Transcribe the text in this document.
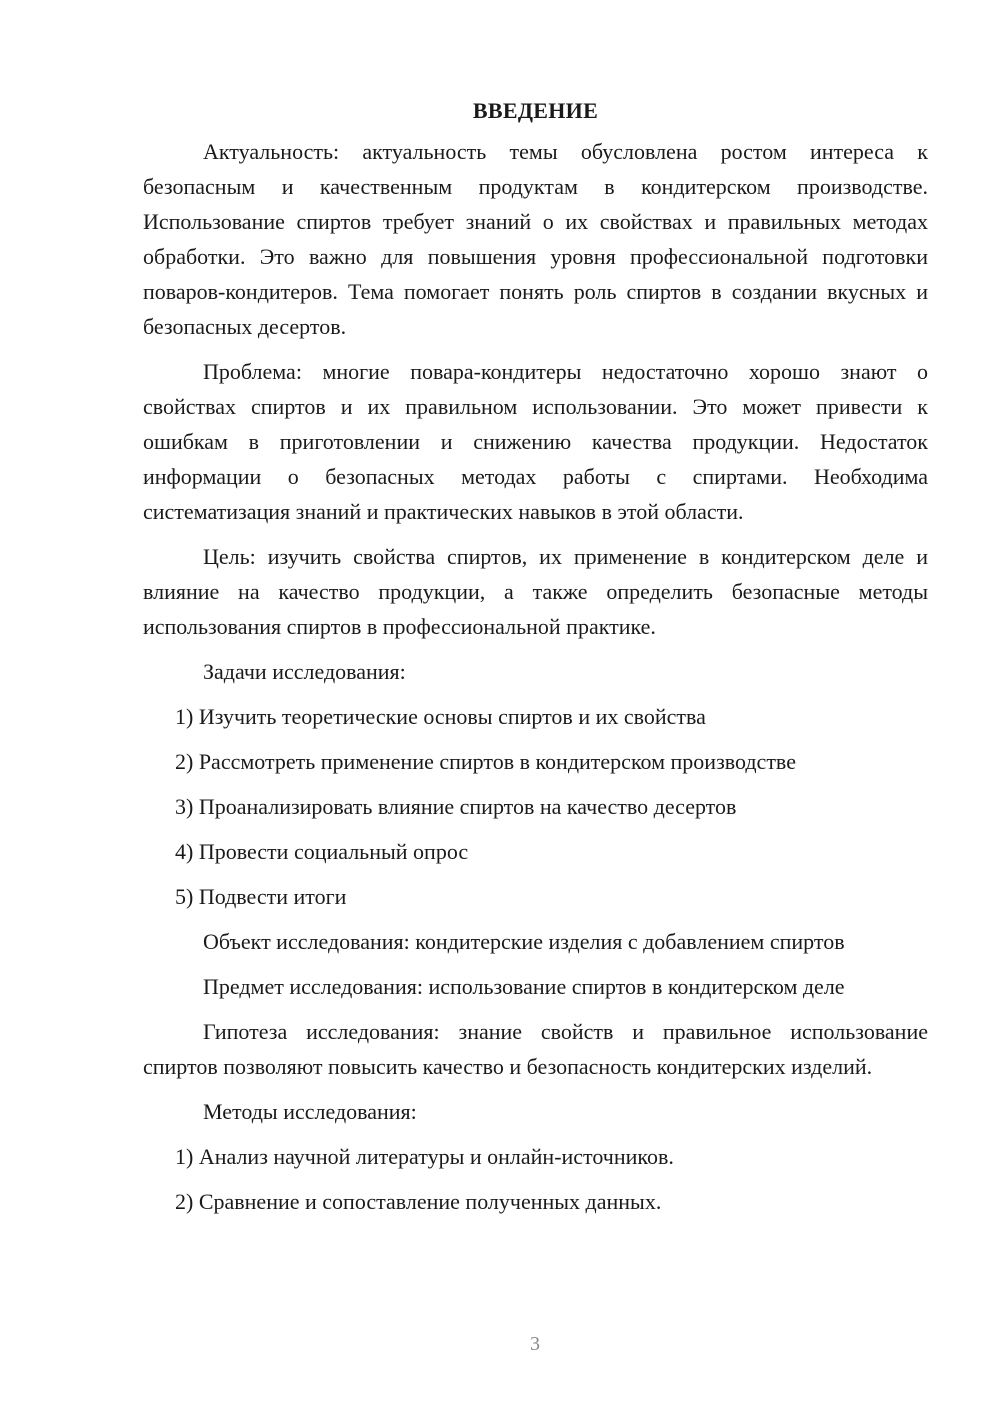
ВВЕДЕНИЕ

Актуальность: актуальность темы обусловлена ростом интереса к безопасным и качественным продуктам в кондитерском производстве. Использование спиртов требует знаний о их свойствах и правильных методах обработки. Это важно для повышения уровня профессиональной подготовки поваров-кондитеров. Тема помогает понять роль спиртов в создании вкусных и безопасных десертов.

Проблема: многие повара-кондитеры недостаточно хорошо знают о свойствах спиртов и их правильном использовании. Это может привести к ошибкам в приготовлении и снижению качества продукции. Недостаток информации о безопасных методах работы с спиртами. Необходима систематизация знаний и практических навыков в этой области.

Цель: изучить свойства спиртов, их применение в кондитерском деле и влияние на качество продукции, а также определить безопасные методы использования спиртов в профессиональной практике.

Задачи исследования:
1) Изучить теоретические основы спиртов и их свойства
2) Рассмотреть применение спиртов в кондитерском производстве
3) Проанализировать влияние спиртов на качество десертов
4) Провести социальный опрос
5) Подвести итоги
Объект исследования: кондитерские изделия с добавлением спиртов
Предмет исследования: использование спиртов в кондитерском деле

Гипотеза исследования: знание свойств и правильное использование спиртов позволяют повысить качество и безопасность кондитерских изделий.

Методы исследования:
1) Анализ научной литературы и онлайн-источников.
2) Сравнение и сопоставление полученных данных.
3
